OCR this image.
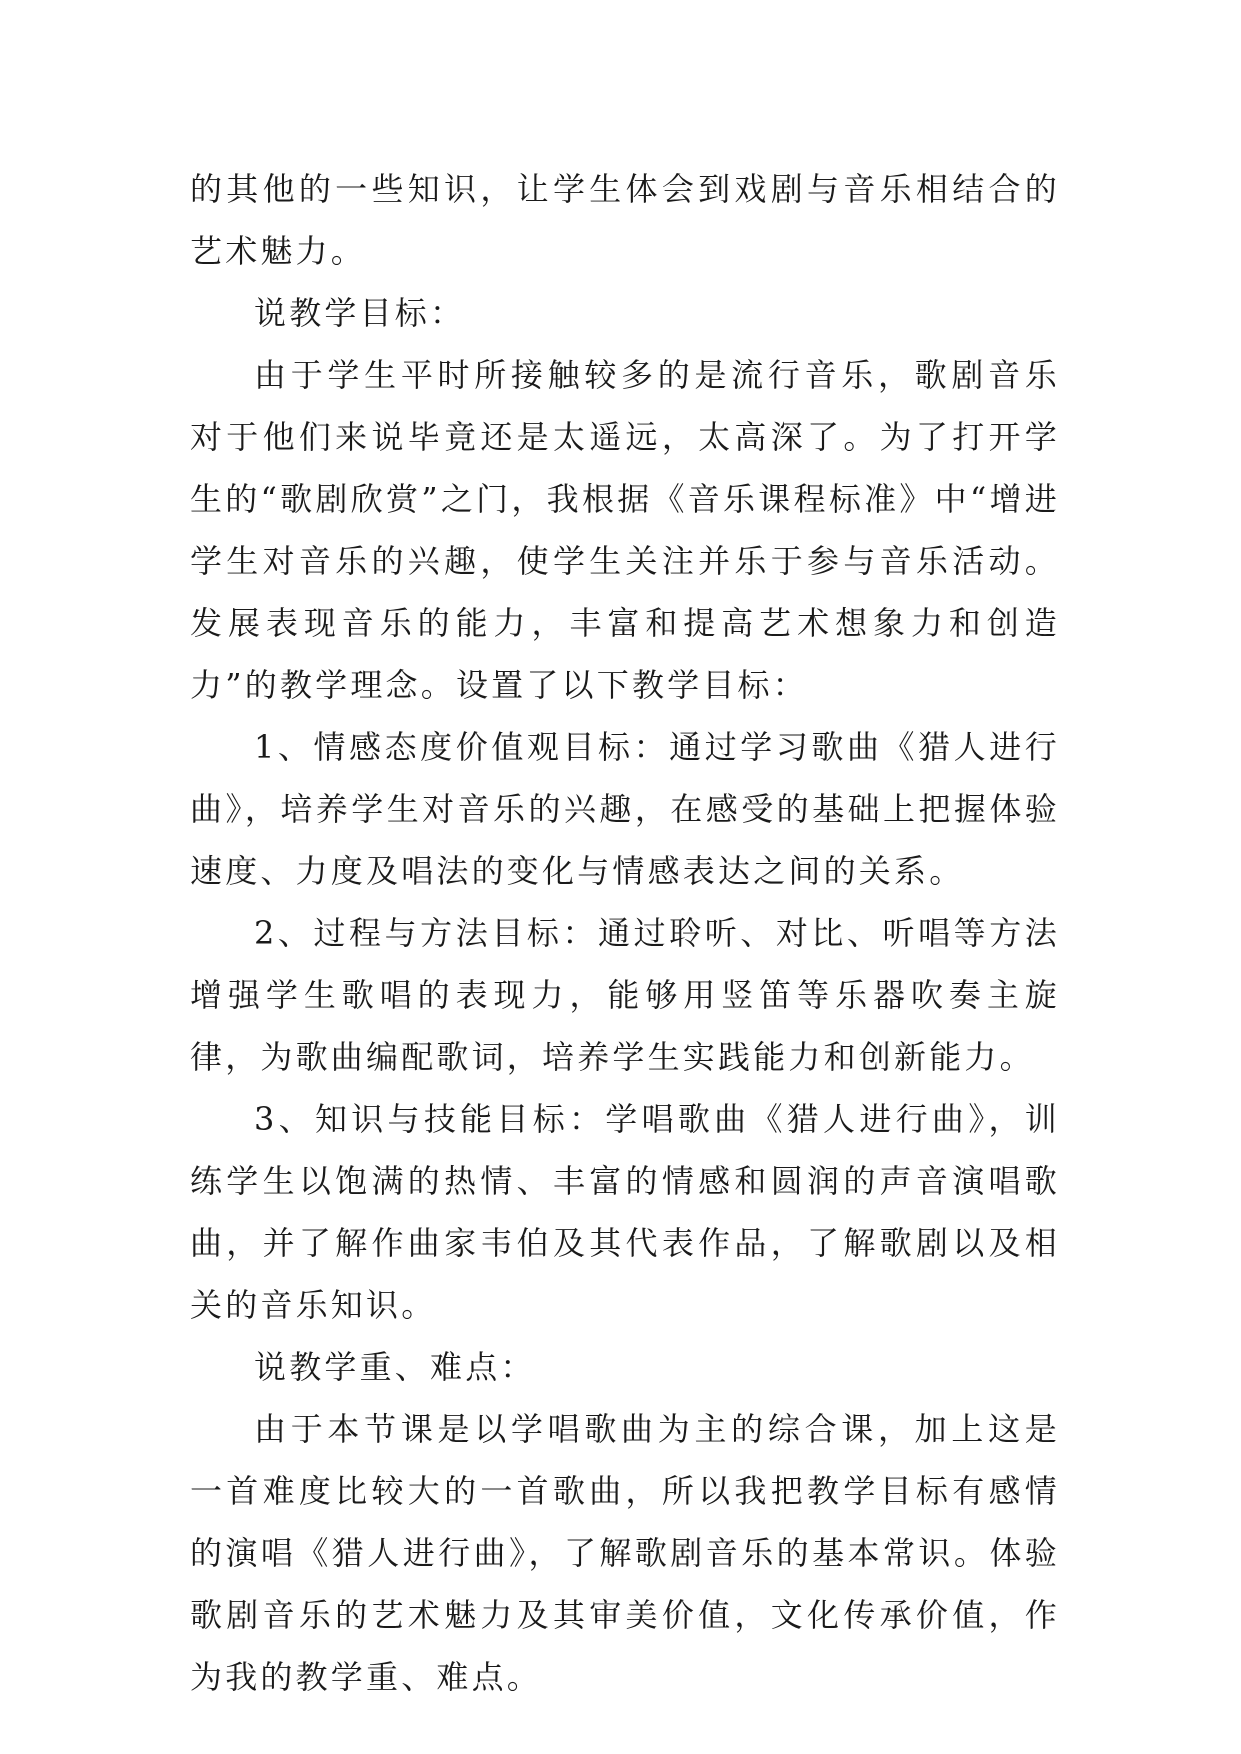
的其他的一些知识，让学生体会到戏剧与音乐相结合的艺术魅力。

说教学目标：

由于学生平时所接触较多的是流行音乐，歌剧音乐对于他们来说毕竟还是太遥远，太高深了。为了打开学生的“歌剧欣赏”之门，我根据《音乐课程标准》中“增进学生对音乐的兴趣，使学生关注并乐于参与音乐活动。发展表现音乐的能力，丰富和提高艺术想象力和创造力”的教学理念。设置了以下教学目标：

1、情感态度价值观目标：通过学习歌曲《猎人进行曲》，培养学生对音乐的兴趣，在感受的基础上把握体验速度、力度及唱法的变化与情感表达之间的关系。

2、过程与方法目标：通过聆听、对比、听唱等方法增强学生歌唱的表现力，能够用竖笛等乐器吹奏主旋律，为歌曲编配歌词，培养学生实践能力和创新能力。

3、知识与技能目标：学唱歌曲《猎人进行曲》，训练学生以饱满的热情、丰富的情感和圆润的声音演唱歌曲，并了解作曲家韦伯及其代表作品，了解歌剧以及相关的音乐知识。

说教学重、难点：

由于本节课是以学唱歌曲为主的综合课，加上这是一首难度比较大的一首歌曲，所以我把教学目标有感情的演唱《猎人进行曲》，了解歌剧音乐的基本常识。体验歌剧音乐的艺术魅力及其审美价值，文化传承价值，作为我的教学重、难点。
